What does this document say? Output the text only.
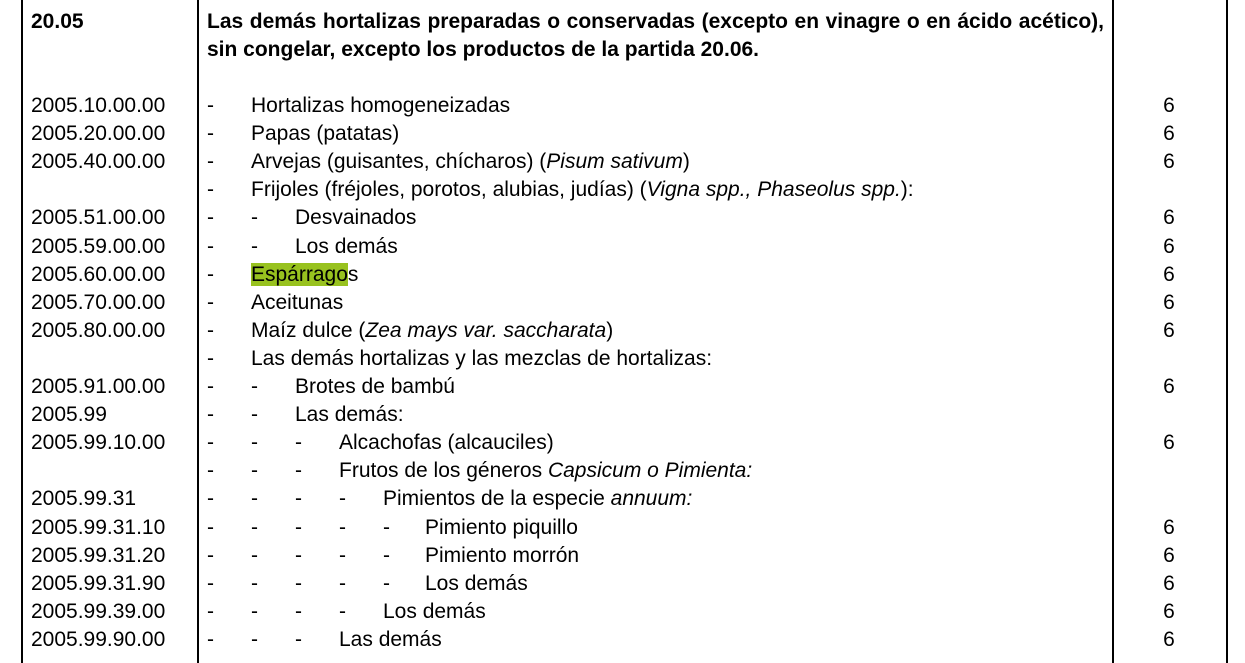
20.05	Las demás hortalizas preparadas o conservadas (excepto en vinagre o en ácido acético), sin congelar, excepto los productos de la partida 20.06.
2005.10.00.00 - Hortalizas homogeneizadas	6
2005.20.00.00 - Papas (patatas)	6
2005.40.00.00 - Arvejas (guisantes, chícharos) (Pisum sativum)	6
- Frijoles (fréjoles, porotos, alubias, judías) (Vigna spp., Phaseolus spp.):
2005.51.00.00 - - Desvainados	6
2005.59.00.00 - - Los demás	6
2005.60.00.00 - Espárragos	6
2005.70.00.00 - Aceitunas	6
2005.80.00.00 - Maíz dulce (Zea mays var. saccharata)	6
- Las demás hortalizas y las mezclas de hortalizas:
2005.91.00.00 - - Brotes de bambú	6
2005.99	- - Las demás:
2005.99.10.00 - - - Alcachofas (alcauciles)	6
- - - Frutos de los géneros Capsicum o Pimienta:
2005.99.31	- - - - Pimientos de la especie annuum:
2005.99.31.10 - - - - - Pimiento piquillo	6
2005.99.31.20 - - - - - Pimiento morrón	6
2005.99.31.90 - - - - - Los demás	6
2005.99.39.00 - - - - Los demás	6
2005.99.90.00 - - - Las demás	6
